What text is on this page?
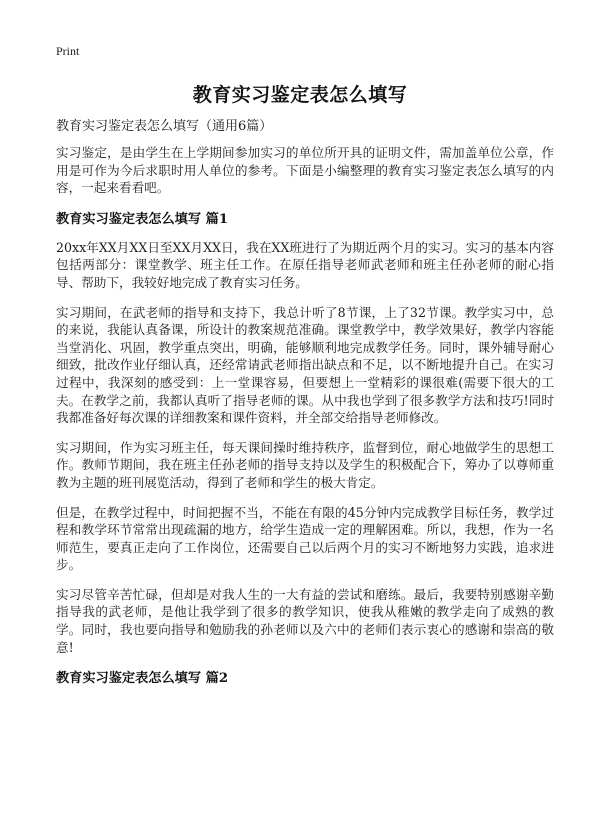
Print
教育实习鉴定表怎么填写

教育实习鉴定表怎么填写（通用6篇）

实习鉴定，是由学生在上学期间参加实习的单位所开具的证明文件，需加盖单位公章，作用是可作为今后求职时用人单位的参考。下面是小编整理的教育实习鉴定表怎么填写的内容，一起来看看吧。

教育实习鉴定表怎么填写 篇1

20xx年XX月XX日至XX月XX日，我在XX班进行了为期近两个月的实习。实习的基本内容包括两部分：课堂教学、班主任工作。在原任指导老师武老师和班主任孙老师的耐心指导、帮助下，我较好地完成了教育实习任务。

实习期间，在武老师的指导和支持下，我总计听了8节课，上了32节课。教学实习中，总的来说，我能认真备课，所设计的教案规范准确。课堂教学中，教学效果好，教学内容能当堂消化、巩固，教学重点突出，明确，能够顺利地完成教学任务。同时，课外辅导耐心细致，批改作业仔细认真，还经常请武老师指出缺点和不足，以不断地提升自己。在实习过程中，我深刻的感受到：上一堂课容易，但要想上一堂精彩的课很难(需要下很大的工夫。在教学之前，我都认真听了指导老师的课。从中我也学到了很多教学方法和技巧!同时我都准备好每次课的详细教案和课件资料，并全部交给指导老师修改。

实习期间，作为实习班主任，每天课间操时维持秩序，监督到位，耐心地做学生的思想工作。教师节期间，我在班主任孙老师的指导支持以及学生的积极配合下，筹办了以尊师重教为主题的班刊展览活动，得到了老师和学生的极大肯定。

但是，在教学过程中，时间把握不当，不能在有限的45分钟内完成教学目标任务，教学过程和教学环节常常出现疏漏的地方，给学生造成一定的理解困难。所以，我想，作为一名师范生，要真正走向了工作岗位，还需要自己以后两个月的实习不断地努力实践，追求进步。

实习尽管辛苦忙碌，但却是对我人生的一大有益的尝试和磨练。最后，我要特别感谢辛勤指导我的武老师，是他让我学到了很多的教学知识，使我从稚嫩的教学走向了成熟的教学。同时，我也要向指导和勉励我的孙老师以及六中的老师们表示衷心的感谢和崇高的敬意!

教育实习鉴定表怎么填写 篇2
